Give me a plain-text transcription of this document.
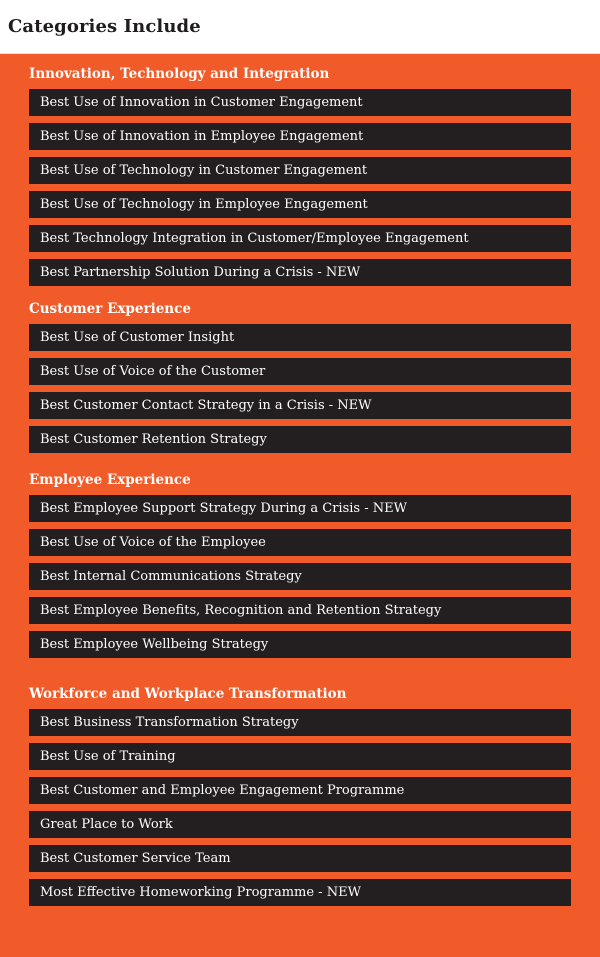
Categories Include
Innovation, Technology and Integration
Best Use of Innovation in Customer Engagement
Best Use of Innovation in Employee Engagement
Best Use of Technology in Customer Engagement
Best Use of Technology in Employee Engagement
Best Technology Integration in Customer/Employee Engagement
Best Partnership Solution During a Crisis - NEW
Customer Experience
Best Use of Customer Insight
Best Use of Voice of the Customer
Best Customer Contact Strategy in a Crisis - NEW
Best Customer Retention Strategy
Employee Experience
Best Employee Support Strategy During a Crisis - NEW
Best Use of Voice of the Employee
Best Internal Communications Strategy
Best Employee Benefits, Recognition and Retention Strategy
Best Employee Wellbeing Strategy
Workforce and Workplace Transformation
Best Business Transformation Strategy
Best Use of Training
Best Customer and Employee Engagement Programme
Great Place to Work
Best Customer Service Team
Most Effective Homeworking Programme - NEW
